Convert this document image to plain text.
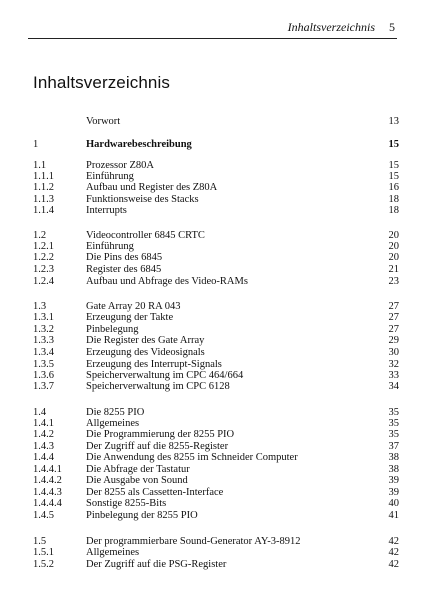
Inhaltsverzeichnis 5
Inhaltsverzeichnis
Vorwort	13
1	Hardwarebeschreibung	15
1.1	Prozessor Z80A	15
1.1.1	Einführung	15
1.1.2	Aufbau und Register des Z80A	16
1.1.3	Funktionsweise des Stacks	18
1.1.4	Interrupts	18
1.2	Videocontroller 6845 CRTC	20
1.2.1	Einführung	20
1.2.2	Die Pins des 6845	20
1.2.3	Register des 6845	21
1.2.4	Aufbau und Abfrage des Video-RAMs	23
1.3	Gate Array 20 RA 043	27
1.3.1	Erzeugung der Takte	27
1.3.2	Pinbelegung	27
1.3.3	Die Register des Gate Array	29
1.3.4	Erzeugung des Videosignals	30
1.3.5	Erzeugung des Interrupt-Signals	32
1.3.6	Speicherverwaltung im CPC 464/664	33
1.3.7	Speicherverwaltung im CPC 6128	34
1.4	Die 8255 PIO	35
1.4.1	Allgemeines	35
1.4.2	Die Programmierung der 8255 PIO	35
1.4.3	Der Zugriff auf die 8255-Register	37
1.4.4	Die Anwendung des 8255 im Schneider Computer	38
1.4.4.1 Die Abfrage der Tastatur	38
1.4.4.2 Die Ausgabe von Sound	39
1.4.4.3 Der 8255 als Cassetten-Interface	39
1.4.4.4 Sonstige 8255-Bits	40
1.4.5	Pinbelegung der 8255 PIO	41
1.5	Der programmierbare Sound-Generator AY-3-8912	42
1.5.1	Allgemeines	42
1.5.2	Der Zugriff auf die PSG-Register	42
